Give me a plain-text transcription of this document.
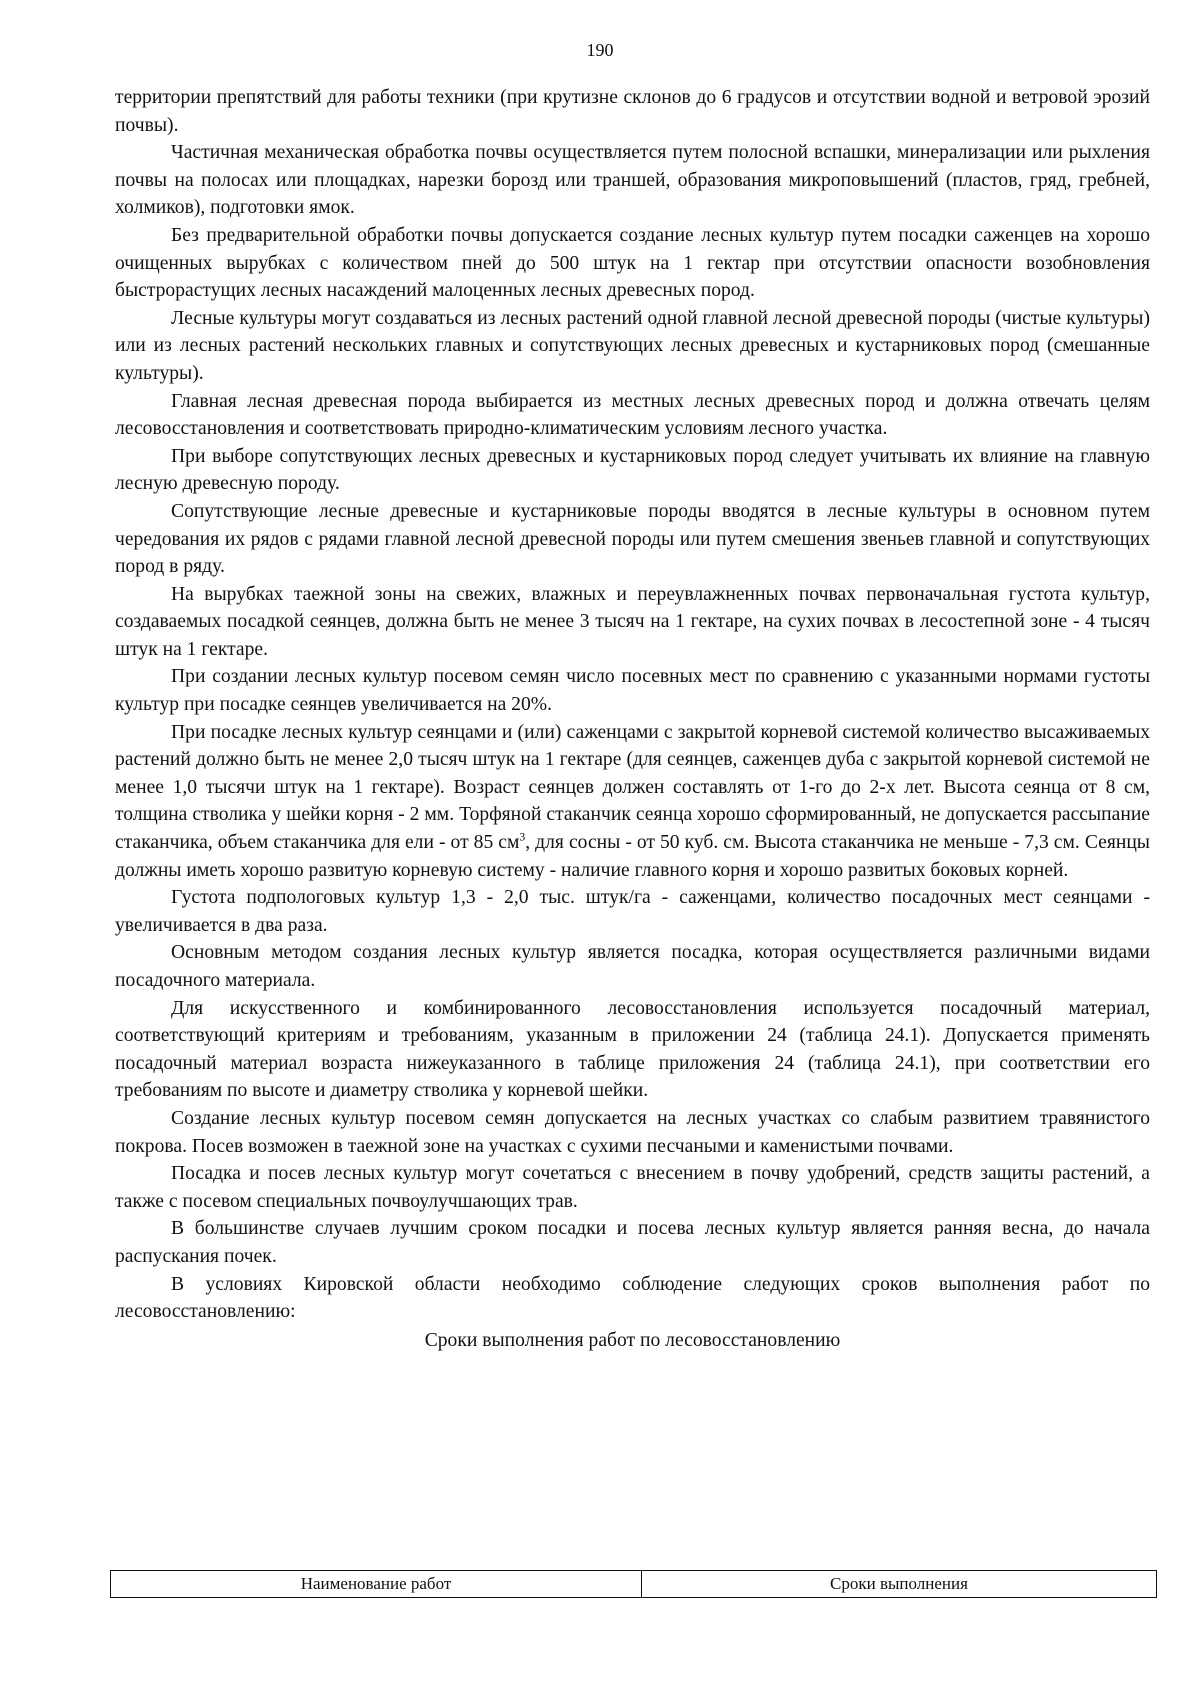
190

территории препятствий для работы техники (при крутизне склонов до 6 градусов и отсутствии водной и ветровой эрозий почвы).

Частичная механическая обработка почвы осуществляется путем полосной вспашки, минерализации или рыхления почвы на полосах или площадках, нарезки борозд или траншей, образования микроповышений (пластов, гряд, гребней, холмиков), подготовки ямок.

Без предварительной обработки почвы допускается создание лесных культур путем посадки саженцев на хорошо очищенных вырубках с количеством пней до 500 штук на 1 гектар при отсутствии опасности возобновления быстрорастущих лесных насаждений малоценных лесных древесных пород.

Лесные культуры могут создаваться из лесных растений одной главной лесной древесной породы (чистые культуры) или из лесных растений нескольких главных и сопутствующих лесных древесных и кустарниковых пород (смешанные культуры).

Главная лесная древесная порода выбирается из местных лесных древесных пород и должна отвечать целям лесовосстановления и соответствовать природно-климатическим условиям лесного участка.

При выборе сопутствующих лесных древесных и кустарниковых пород следует учитывать их влияние на главную лесную древесную породу.

Сопутствующие лесные древесные и кустарниковые породы вводятся в лесные культуры в основном путем чередования их рядов с рядами главной лесной древесной породы или путем смешения звеньев главной и сопутствующих пород в ряду.

На вырубках таежной зоны на свежих, влажных и переувлажненных почвах первоначальная густота культур, создаваемых посадкой сеянцев, должна быть не менее 3 тысяч на 1 гектаре, на сухих почвах в лесостепной зоне - 4 тысяч штук на 1 гектаре.

При создании лесных культур посевом семян число посевных мест по сравнению с указанными нормами густоты культур при посадке сеянцев увеличивается на 20%.

При посадке лесных культур сеянцами и (или) саженцами с закрытой корневой системой количество высаживаемых растений должно быть не менее 2,0 тысяч штук на 1 гектаре (для сеянцев, саженцев дуба с закрытой корневой системой не менее 1,0 тысячи штук на 1 гектаре). Возраст сеянцев должен составлять от 1-го до 2-х лет. Высота сеянца от 8 см, толщина стволика у шейки корня - 2 мм. Торфяной стаканчик сеянца хорошо сформированный, не допускается рассыпание стаканчика, объем стаканчика для ели - от 85 $см^3$, для сосны - от 50 куб. см. Высота стаканчика не меньше - 7,3 см. Сеянцы должны иметь хорошо развитую корневую систему - наличие главного корня и хорошо развитых боковых корней.

Густота подпологовых культур 1,3 - 2,0 тыс. штук/га - саженцами, количество посадочных мест сеянцами - увеличивается в два раза.

Основным методом создания лесных культур является посадка, которая осуществляется различными видами посадочного материала.

Для искусственного и комбинированного лесовосстановления используется посадочный материал, соответствующий критериям и требованиям, указанным в приложении 24 (таблица 24.1). Допускается применять посадочный материал возраста нижеуказанного в таблице приложения 24 (таблица 24.1), при соответствии его требованиям по высоте и диаметру стволика у корневой шейки.

Создание лесных культур посевом семян допускается на лесных участках со слабым развитием травянистого покрова. Посев возможен в таежной зоне на участках с сухими песчаными и каменистыми почвами.

Посадка и посев лесных культур могут сочетаться с внесением в почву удобрений, средств защиты растений, а также с посевом специальных почвоулучшающих трав.

В большинстве случаев лучшим сроком посадки и посева лесных культур является ранняя весна, до начала распускания почек.

В условиях Кировской области необходимо соблюдение следующих сроков выполнения работ по лесовосстановлению:

Сроки выполнения работ по лесовосстановлению

Наименование работ	Сроки выполнения
